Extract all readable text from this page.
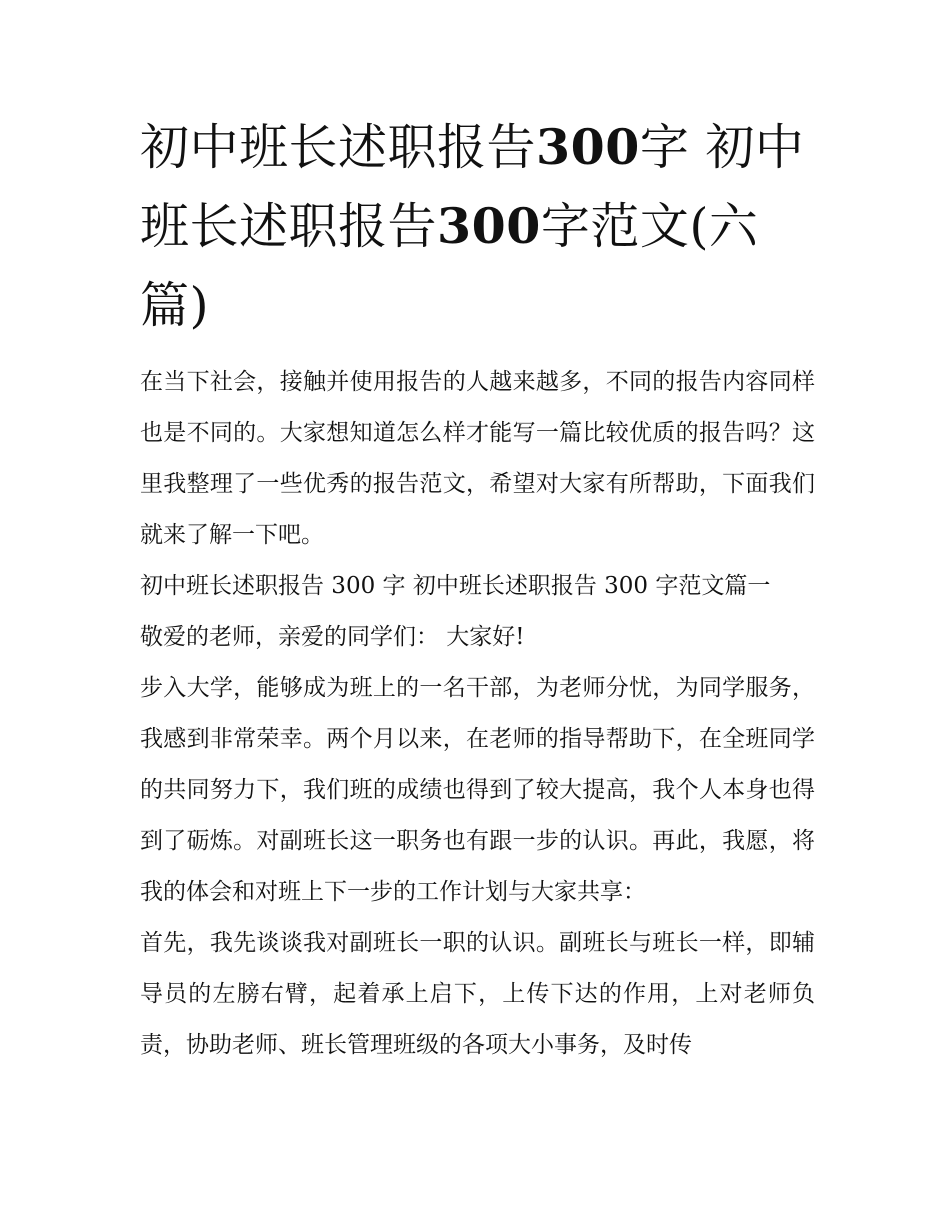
初中班长述职报告300字 初中班长述职报告300字范文(六篇)

在当下社会，接触并使用报告的人越来越多，不同的报告内容同样也是不同的。大家想知道怎么样才能写一篇比较优质的报告吗？这里我整理了一些优秀的报告范文，希望对大家有所帮助，下面我们就来了解一下吧。

初中班长述职报告 300 字 初中班长述职报告 300 字范文篇一

敬爱的老师，亲爱的同学们： 大家好!

步入大学，能够成为班上的一名干部，为老师分忧，为同学服务，我感到非常荣幸。两个月以来，在老师的指导帮助下，在全班同学的共同努力下，我们班的成绩也得到了较大提高，我个人本身也得到了砺炼。对副班长这一职务也有跟一步的认识。再此，我愿，将我的体会和对班上下一步的工作计划与大家共享：

首先，我先谈谈我对副班长一职的认识。副班长与班长一样，即辅导员的左膀右臂，起着承上启下，上传下达的作用，上对老师负责，协助老师、班长管理班级的各项大小事务，及时传
